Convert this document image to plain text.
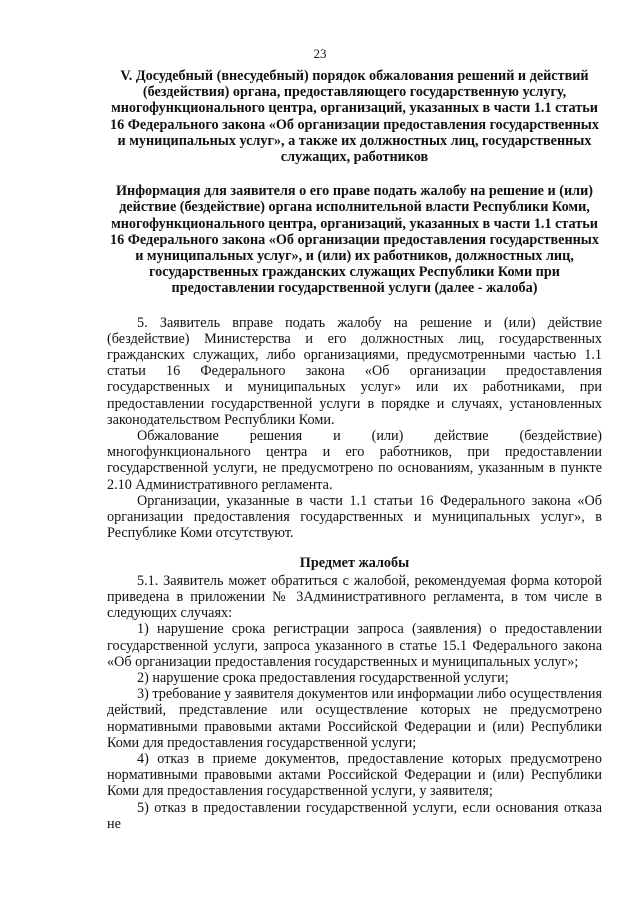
23

V. Досудебный (внесудебный) порядок обжалования решений и действий (бездействия) органа, предоставляющего государственную услугу, многофункционального центра, организаций, указанных в части 1.1 статьи 16 Федерального закона «Об организации предоставления государственных и муниципальных услуг», а также их должностных лиц, государственных служащих, работников

Информация для заявителя о его праве подать жалобу на решение и (или) действие (бездействие) органа исполнительной власти Республики Коми, многофункционального центра, организаций, указанных в части 1.1 статьи 16 Федерального закона «Об организации предоставления государственных и муниципальных услуг», и (или) их работников, должностных лиц, государственных гражданских служащих Республики Коми при предоставлении государственной услуги (далее - жалоба)

5. Заявитель вправе подать жалобу на решение и (или) действие (бездействие) Министерства и его должностных лиц, государственных гражданских служащих, либо организациями, предусмотренными частью 1.1 статьи 16 Федерального закона «Об организации предоставления государственных и муниципальных услуг» или их работниками, при предоставлении государственной услуги в порядке и случаях, установленных законодательством Республики Коми.

Обжалование решения и (или) действие (бездействие) многофункционального центра и его работников, при предоставлении государственной услуги, не предусмотрено по основаниям, указанным в пункте 2.10 Административного регламента.

Организации, указанные в части 1.1 статьи 16 Федерального закона «Об организации предоставления государственных и муниципальных услуг», в Республике Коми отсутствуют.

Предмет жалобы

5.1. Заявитель может обратиться с жалобой, рекомендуемая форма которой приведена в приложении № 3Административного регламента, в том числе в следующих случаях:

1) нарушение срока регистрации запроса (заявления) о предоставлении государственной услуги, запроса указанного в статье 15.1 Федерального закона «Об организации предоставления государственных и муниципальных услуг»;

2) нарушение срока предоставления государственной услуги;

3) требование у заявителя документов или информации либо осуществления действий, представление или осуществление которых не предусмотрено нормативными правовыми актами Российской Федерации и (или) Республики Коми для предоставления государственной услуги;

4) отказ в приеме документов, предоставление которых предусмотрено нормативными правовыми актами Российской Федерации и (или) Республики Коми для предоставления государственной услуги, у заявителя;

5) отказ в предоставлении государственной услуги, если основания отказа не
